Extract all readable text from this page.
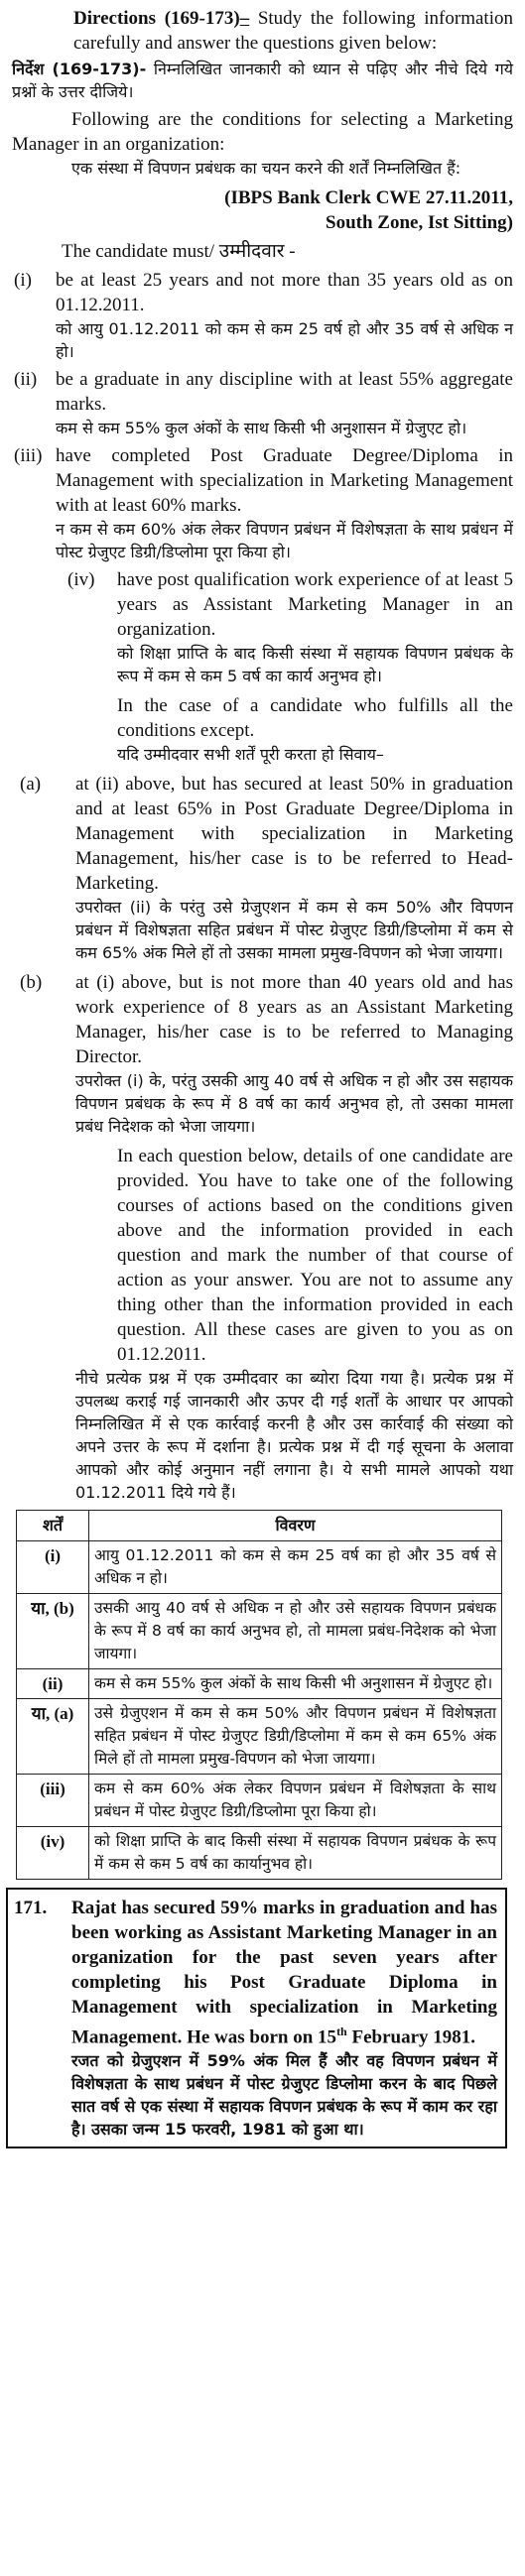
Directions (169-173)– Study the following information carefully and answer the questions given below:

निर्देश (169-173)- निम्नलिखित जानकारी को ध्यान से पढ़िए और नीचे दिये गये प्रश्नों के उत्तर दीजिये।

Following are the conditions for selecting a Marketing Manager in an organization:

एक संस्था में विपणन प्रबंधक का चयन करने की शर्तें निम्नलिखित हैं:

(IBPS Bank Clerk CWE 27.11.2011,

South Zone, Ist Sitting)

The candidate must/ उम्मीदवार -

(i) be at least 25 years and not more than 35 years old as on 01.12.2011.

को आयु 01.12.2011 को कम से कम 25 वर्ष हो और 35 वर्ष से अधिक न हो।

(ii) be a graduate in any discipline with at least 55% aggregate marks.

कम से कम 55% कुल अंकों के साथ किसी भी अनुशासन में ग्रेजुएट हो।

(iii) have completed Post Graduate Degree/Diploma in Management with specialization in Marketing Management with at least 60% marks.

न कम से कम 60% अंक लेकर विपणन प्रबंधन में विशेषज्ञता के साथ प्रबंधन में पोस्ट ग्रेजुएट डिग्री/डिप्लोमा पूरा किया हो।

(iv) have post qualification work experience of at least 5 years as Assistant Marketing Manager in an organization.

को शिक्षा प्राप्ति के बाद किसी संस्था में सहायक विपणन प्रबंधक के रूप में कम से कम 5 वर्ष का कार्य अनुभव हो।

In the case of a candidate who fulfills all the conditions except.

यदि उम्मीदवार सभी शर्तें पूरी करता हो सिवाय–

(a) at (ii) above, but has secured at least 50% in graduation and at least 65% in Post Graduate Degree/Diploma in Management with specialization in Marketing Management, his/her case is to be referred to Head-Marketing.

उपरोक्त (ii) के परंतु उसे ग्रेजुएशन में कम से कम 50% और विपणन प्रबंधन में विशेषज्ञता सहित प्रबंधन में पोस्ट ग्रेजुएट डिग्री/डिप्लोमा में कम से कम 65% अंक मिले हों तो उसका मामला प्रमुख-विपणन को भेजा जायगा।

(b) at (i) above, but is not more than 40 years old and has work experience of 8 years as an Assistant Marketing Manager, his/her case is to be referred to Managing Director.

उपरोक्त (i) के, परंतु उसकी आयु 40 वर्ष से अधिक न हो और उस सहायक विपणन प्रबंधक के रूप में 8 वर्ष का कार्य अनुभव हो, तो उसका मामला प्रबंध निदेशक को भेजा जायगा।

In each question below, details of one candidate are provided. You have to take one of the following courses of actions based on the conditions given above and the information provided in each question and mark the number of that course of action as your answer. You are not to assume any thing other than the information provided in each question. All these cases are given to you as on 01.12.2011.

नीचे प्रत्येक प्रश्न में एक उम्मीदवार का ब्योरा दिया गया है। प्रत्येक प्रश्न में उपलब्ध कराई गई जानकारी और ऊपर दी गई शर्तों के आधार पर आपको निम्नलिखित में से एक कार्रवाई करनी है और उस कार्रवाई की संख्या को अपने उत्तर के रूप में दर्शाना है। प्रत्येक प्रश्न में दी गई सूचना के अलावा आपको और कोई अनुमान नहीं लगाना है। ये सभी मामले आपको यथा 01.12.2011 दिये गये हैं।

शर्तें	विवरण
(i)	आयु 01.12.2011 को कम से कम 25 वर्ष का हो और 35 वर्ष से अधिक न हो।
या, (b)	उसकी आयु 40 वर्ष से अधिक न हो और उसे सहायक विपणन प्रबंधक के रूप में 8 वर्ष का कार्य अनुभव हो, तो मामला प्रबंध-निदेशक को भेजा जायगा।
(ii)	कम से कम 55% कुल अंकों के साथ किसी भी अनुशासन में ग्रेजुएट हो।
या, (a)	उसे ग्रेजुएशन में कम से कम 50% और विपणन प्रबंधन में विशेषज्ञता सहित प्रबंधन में पोस्ट ग्रेजुएट डिग्री/डिप्लोमा में कम से कम 65% अंक मिले हों तो मामला प्रमुख-विपणन को भेजा जायगा।
(iii)	कम से कम 60% अंक लेकर विपणन प्रबंधन में विशेषज्ञता के साथ प्रबंधन में पोस्ट ग्रेजुएट डिग्री/डिप्लोमा पूरा किया हो।
(iv)	को शिक्षा प्राप्ति के बाद किसी संस्था में सहायक विपणन प्रबंधक के रूप में कम से कम 5 वर्ष का कार्यानुभव हो।
171. Rajat has secured 59% marks in graduation and has been working as Assistant Marketing Manager in an organization for the past seven years after completing his Post Graduate Diploma in Management with specialization in Marketing Management. He was born on 15th February 1981.

रजत को ग्रेजुएशन में 59% अंक मिल हैं और वह विपणन प्रबंधन में विशेषज्ञता के साथ प्रबंधन में पोस्ट ग्रेजुएट डिप्लोमा करन के बाद पिछले सात वर्ष से एक संस्था में सहायक विपणन प्रबंधक के रूप में काम कर रहा है। उसका जन्म 15 फरवरी, 1981 को हुआ था।
